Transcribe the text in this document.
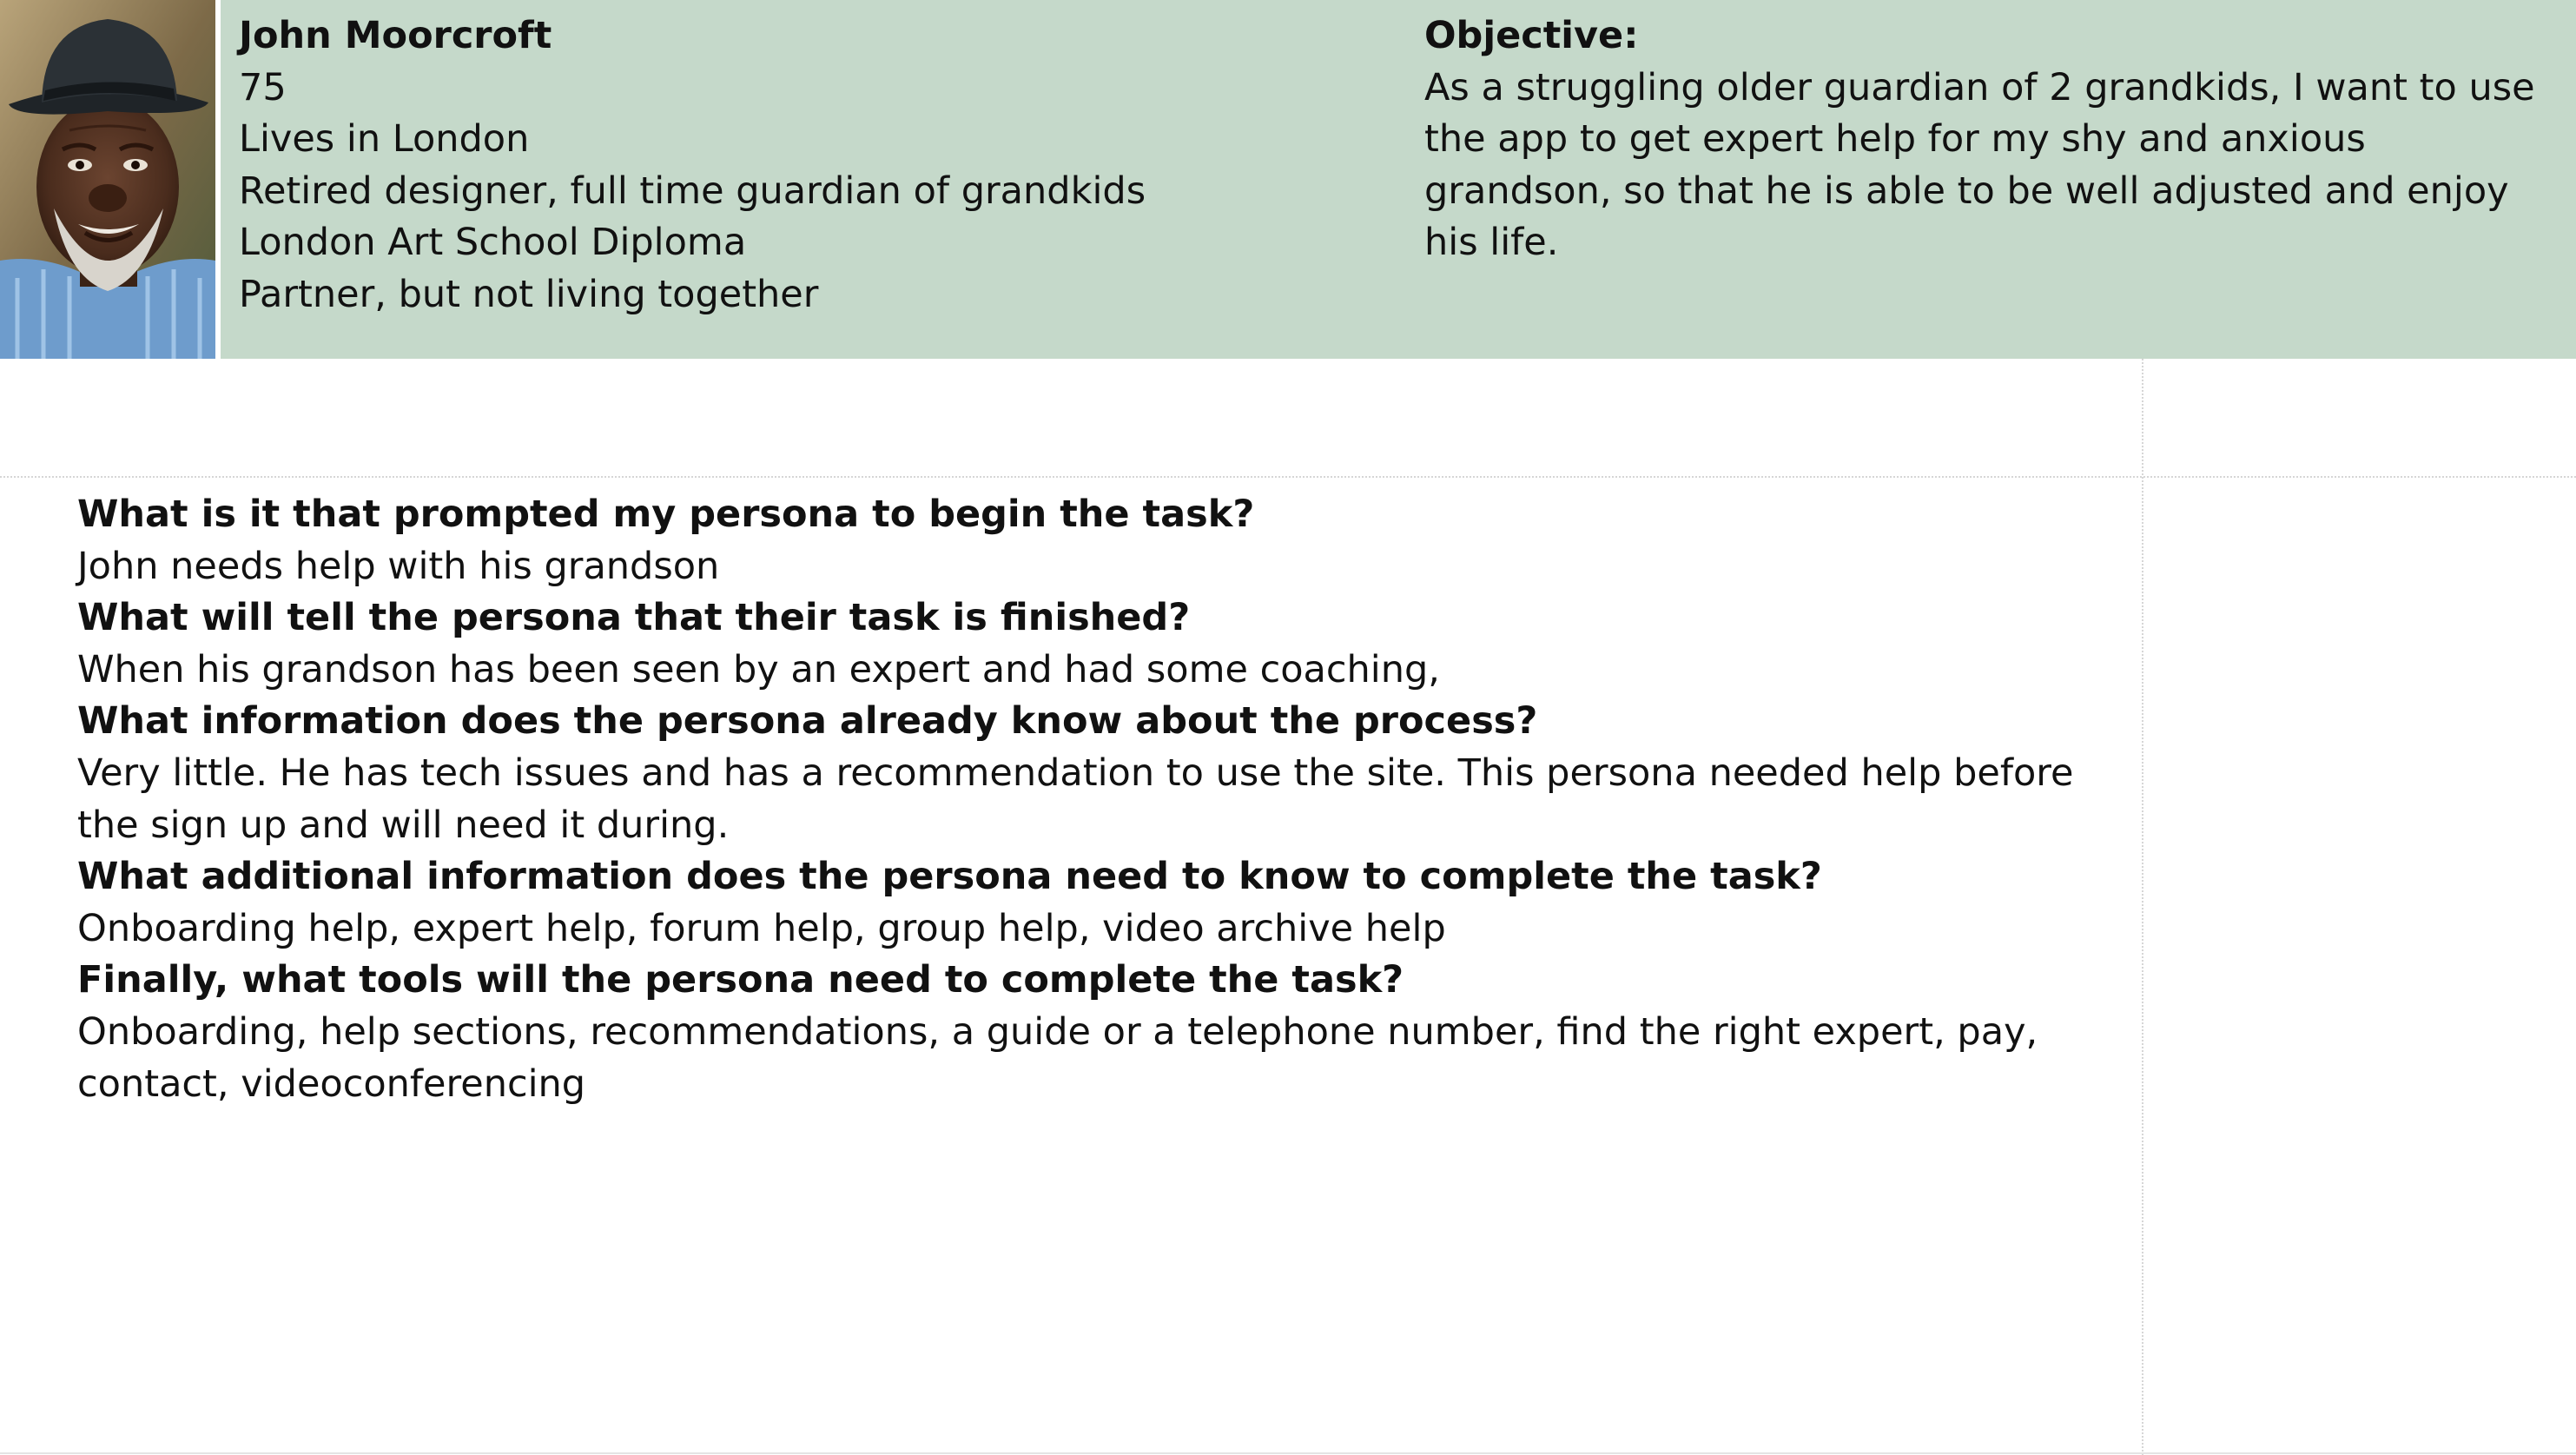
John Moorcroft
75
Lives in London
Retired designer, full time guardian of grandkids
London Art School Diploma
Partner, but not living together
Objective:
As a struggling older guardian of 2 grandkids, I want to use the app to get expert help for my shy and anxious grandson, so that he is able to be well adjusted and enjoy his life.
What is it that prompted my persona to begin the task?
John needs help with his grandson
What will tell the persona that their task is finished?
When his grandson has been seen by an expert and had some coaching,
What information does the persona already know about the process?
Very little. He has tech issues and has a recommendation to use the site. This persona needed help before the sign up and will need it during.
What additional information does the persona need to know to complete the task?
Onboarding help, expert help, forum help, group help, video archive help
Finally, what tools will the persona need to complete the task?
Onboarding, help sections, recommendations, a guide or a telephone number, find the right expert, pay, contact, videoconferencing
